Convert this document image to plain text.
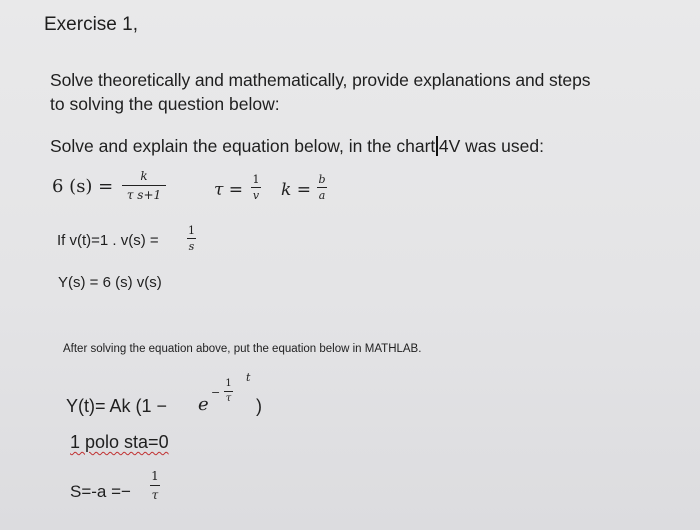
Exercise 1,
Solve theoretically and mathematically, provide explanations and steps
to solving the question below:
Solve and explain the equation below, in the chart 4V was used:
6 (s) = k
τ s+1	τ =
1
v k =
b
a
If v(t)=1 . v(s) =
1
s
Y(s) = 6 (s) v(s)
After solving the equation above, put the equation below in MATHLAB.
Y(t)= Ak (1 − e
−
1
τ
t
)
1 polo sta=0
S=-a =−
1
τ
